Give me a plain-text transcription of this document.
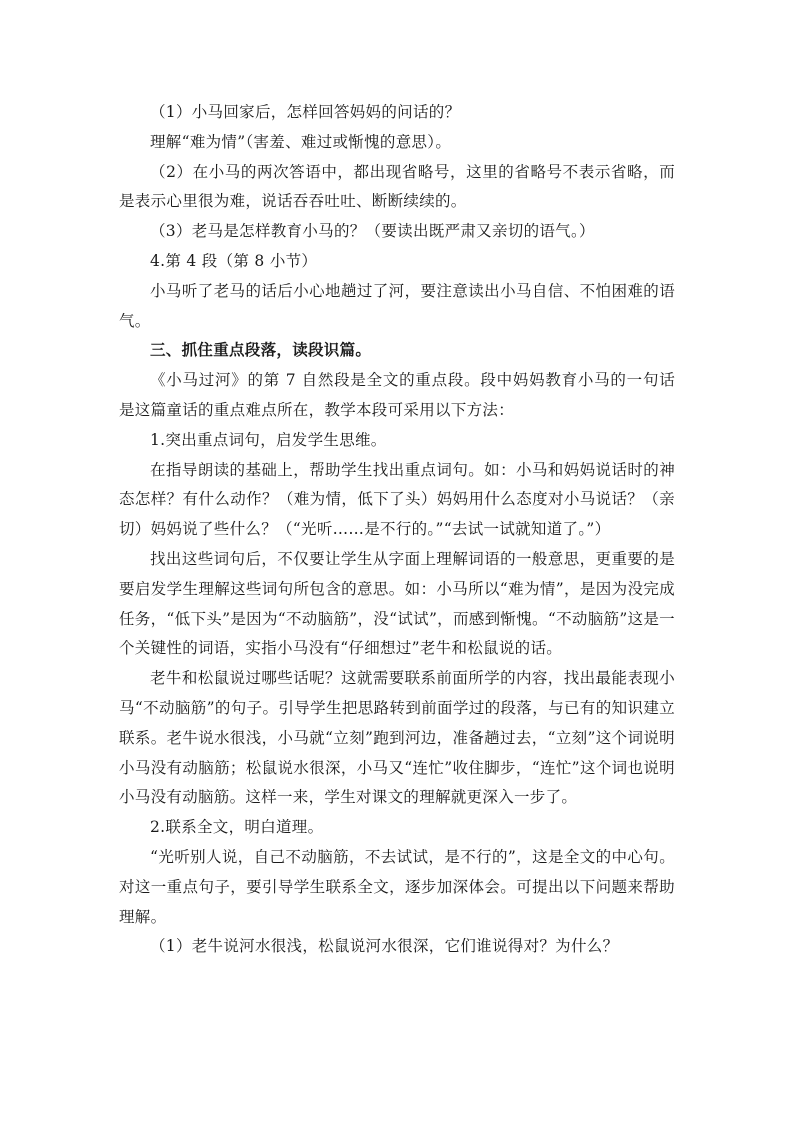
（1）小马回家后，怎样回答妈妈的问话的？

理解“难为情”（害羞、难过或惭愧的意思）。

（2）在小马的两次答语中，都出现省略号，这里的省略号不表示省略，而是表示心里很为难，说话吞吞吐吐、断断续续的。

（3）老马是怎样教育小马的？（要读出既严肃又亲切的语气。）

4.第 4 段（第 8 小节）

小马听了老马的话后小心地趟过了河，要注意读出小马自信、不怕困难的语气。

三、抓住重点段落，读段识篇。

《小马过河》的第 7 自然段是全文的重点段。段中妈妈教育小马的一句话是这篇童话的重点难点所在，教学本段可采用以下方法：

1.突出重点词句，启发学生思维。

在指导朗读的基础上，帮助学生找出重点词句。如：小马和妈妈说话时的神态怎样？有什么动作？（难为情，低下了头）妈妈用什么态度对小马说话？（亲切）妈妈说了些什么？（“光听……是不行的。”“去试一试就知道了。”）

找出这些词句后，不仅要让学生从字面上理解词语的一般意思，更重要的是要启发学生理解这些词句所包含的意思。如：小马所以“难为情”，是因为没完成任务，“低下头”是因为“不动脑筋”，没“试试”，而感到惭愧。“不动脑筋”这是一个关键性的词语，实指小马没有“仔细想过”老牛和松鼠说的话。

老牛和松鼠说过哪些话呢？这就需要联系前面所学的内容，找出最能表现小马“不动脑筋”的句子。引导学生把思路转到前面学过的段落，与已有的知识建立联系。老牛说水很浅，小马就“立刻”跑到河边，准备趟过去，“立刻”这个词说明小马没有动脑筋；松鼠说水很深，小马又“连忙”收住脚步，“连忙”这个词也说明小马没有动脑筋。这样一来，学生对课文的理解就更深入一步了。

2.联系全文，明白道理。

“光听别人说，自己不动脑筋，不去试试，是不行的”，这是全文的中心句。对这一重点句子，要引导学生联系全文，逐步加深体会。可提出以下问题来帮助理解。

（1）老牛说河水很浅，松鼠说河水很深，它们谁说得对？为什么？
